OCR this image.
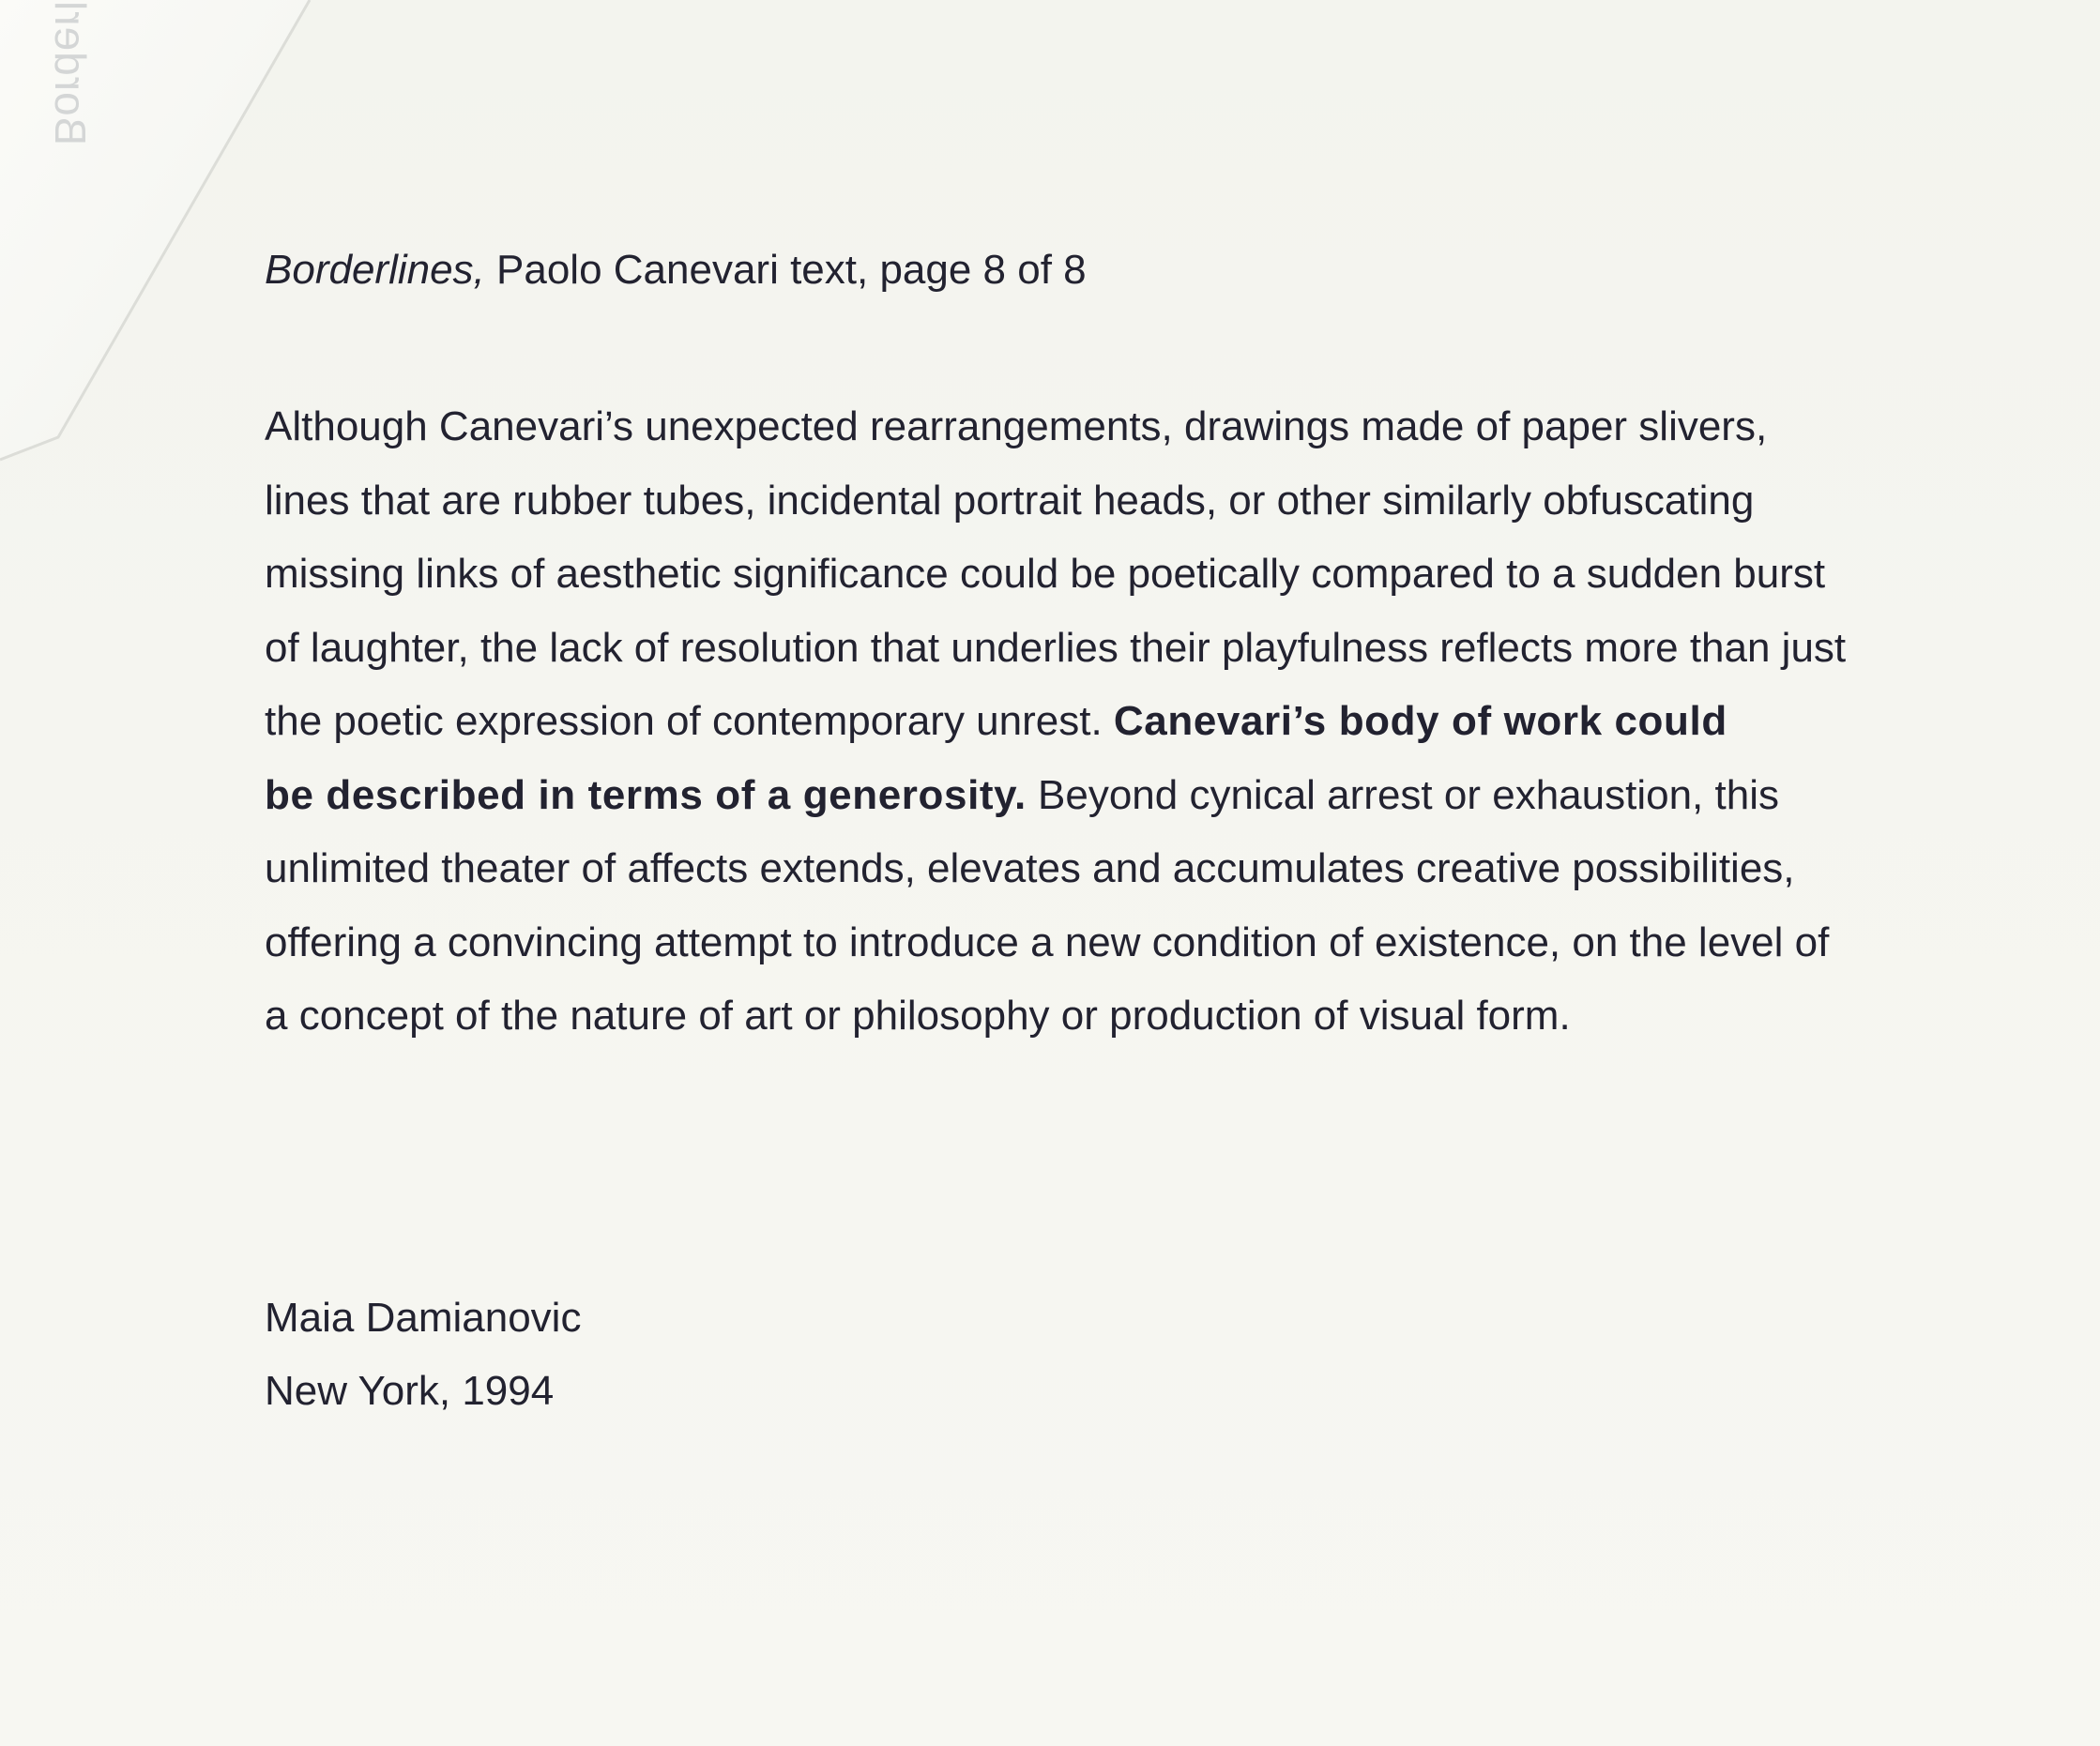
Borderl
Borderlines, Paolo Canevari text, page 8 of 8
Although Canevari’s unexpected rearrangements, drawings made of paper slivers,
lines that are rubber tubes, incidental portrait heads, or other similarly obfuscating
missing links of aesthetic significance could be poetically compared to a sudden burst
of laughter, the lack of resolution that underlies their playfulness reflects more than just
the poetic expression of contemporary unrest. Canevari’s body of work could
be described in terms of a generosity. Beyond cynical arrest or exhaustion, this
unlimited theater of affects extends, elevates and accumulates creative possibilities,
offering a convincing attempt to introduce a new condition of existence, on the level of
a concept of the nature of art or philosophy or production of visual form.
Maia Damianovic
New York, 1994
